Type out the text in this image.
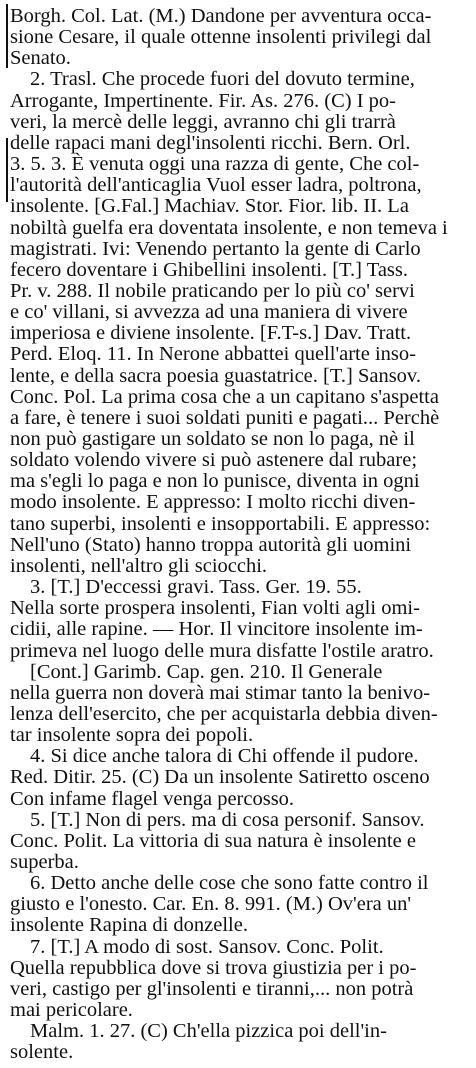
Borgh. Col. Lat. (M.) Dandone per avventura occa-
sione Cesare, il quale ottenne insolenti privilegi dal
Senato.
2. Trasl. Che procede fuori del dovuto termine,
Arrogante, Impertinente. Fir. As. 276. (C) I po-
veri, la mercè delle leggi, avranno chi gli trarrà
delle rapaci mani degl'insolenti ricchi. Bern. Orl.
3. 5. 3. È venuta oggi una razza di gente, Che col-
l'autorità dell'anticaglia Vuol esser ladra, poltrona,
insolente. [G.Fal.] Machiav. Stor. Fior. lib. II. La
nobiltà guelfa era doventata insolente, e non temeva i
magistrati. Ivi: Venendo pertanto la gente di Carlo
fecero doventare i Ghibellini insolenti. [T.] Tass.
Pr. v. 288. Il nobile praticando per lo più co' servi
e co' villani, si avvezza ad una maniera di vivere
imperiosa e diviene insolente. [F.T-s.] Dav. Tratt.
Perd. Eloq. 11. In Nerone abbattei quell'arte inso-
lente, e della sacra poesia guastatrice. [T.] Sansov.
Conc. Pol. La prima cosa che a un capitano s'aspetta
a fare, è tenere i suoi soldati puniti e pagati... Perchè
non può gastigare un soldato se non lo paga, nè il
soldato volendo vivere si può astenere dal rubare;
ma s'egli lo paga e non lo punisce, diventa in ogni
modo insolente. E appresso: I molto ricchi diven-
tano superbi, insolenti e insopportabili. E appresso:
Nell'uno (Stato) hanno troppa autorità gli uomini
insolenti, nell'altro gli sciocchi.
3. [T.] D'eccessi gravi. Tass. Ger. 19. 55.
Nella sorte prospera insolenti, Fian volti agli omi-
cidii, alle rapine. — Hor. Il vincitore insolente im-
primeva nel luogo delle mura disfatte l'ostile aratro.
[Cont.] Garimb. Cap. gen. 210. Il Generale
nella guerra non doverà mai stimar tanto la benivo-
lenza dell'esercito, che per acquistarla debbia diven-
tar insolente sopra dei popoli.
4. Si dice anche talora di Chi offende il pudore.
Red. Ditir. 25. (C) Da un insolente Satiretto osceno
Con infame flagel venga percosso.
5. [T.] Non di pers. ma di cosa personif. Sansov.
Conc. Polit. La vittoria di sua natura è insolente e
superba.
6. Detto anche delle cose che sono fatte contro il
giusto e l'onesto. Car. En. 8. 991. (M.) Ov'era un'
insolente Rapina di donzelle.
7. [T.] A modo di sost. Sansov. Conc. Polit.
Quella repubblica dove si trova giustizia per i po-
veri, castigo per gl'insolenti e tiranni,... non potrà
mai pericolare.
Malm. 1. 27. (C) Ch'ella pizzica poi dell'in-
solente.
